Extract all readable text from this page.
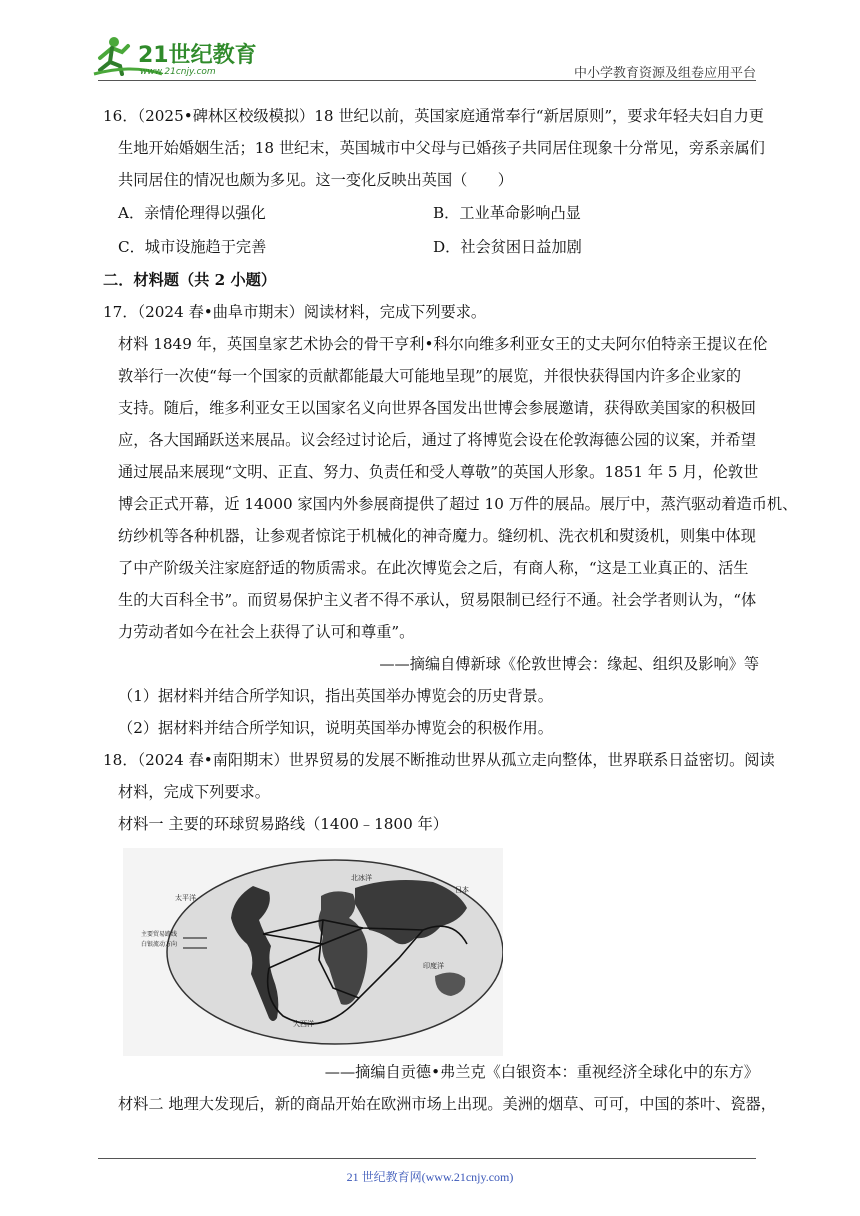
21世纪教育
www.21cnjy.com	中小学教育资源及组卷应用平台
16．（2025•碑林区校级模拟）18 世纪以前，英国家庭通常奉行“新居原则”，要求年轻夫妇自力更
生地开始婚姻生活；18 世纪末，英国城市中父母与已婚孩子共同居住现象十分常见，旁系亲属们
共同居住的情况也颇为多见。这一变化反映出英国（　　）
A．亲情伦理得以强化	B．工业革命影响凸显
C．城市设施趋于完善	D．社会贫困日益加剧
二．材料题（共 2 小题）
17．（2024 春•曲阜市期末）阅读材料，完成下列要求。
材料 1849 年，英国皇家艺术协会的骨干亨利•科尔向维多利亚女王的丈夫阿尔伯特亲王提议在伦
敦举行一次使“每一个国家的贡献都能最大可能地呈现”的展览，并很快获得国内许多企业家的
支持。随后，维多利亚女王以国家名义向世界各国发出世博会参展邀请，获得欧美国家的积极回
应，各大国踊跃送来展品。议会经过讨论后，通过了将博览会设在伦敦海德公园的议案，并希望
通过展品来展现“文明、正直、努力、负责任和受人尊敬”的英国人形象。1851 年 5 月，伦敦世
博会正式开幕，近 14000 家国内外参展商提供了超过 10 万件的展品。展厅中，蒸汽驱动着造币机、
纺纱机等各种机器，让参观者惊诧于机械化的神奇魔力。缝纫机、洗衣机和熨烫机，则集中体现
了中产阶级关注家庭舒适的物质需求。在此次博览会之后，有商人称，“这是工业真正的、活生
生的大百科全书”。而贸易保护主义者不得不承认，贸易限制已经行不通。社会学者则认为，“体
力劳动者如今在社会上获得了认可和尊重”。
——摘编自傅新球《伦敦世博会：缘起、组织及影响》等
（1）据材料并结合所学知识，指出英国举办博览会的历史背景。
（2）据材料并结合所学知识，说明英国举办博览会的积极作用。
18．（2024 春•南阳期末）世界贸易的发展不断推动世界从孤立走向整体，世界联系日益密切。阅读
材料，完成下列要求。
材料一 主要的环球贸易路线（1400﹣1800 年）
太平洋
北冰洋
日本
印度洋
大西洋
主要贸易路线
白银流动方向
——摘编自贡德•弗兰克《白银资本：重视经济全球化中的东方》
材料二 地理大发现后，新的商品开始在欧洲市场上出现。美洲的烟草、可可，中国的茶叶、瓷器，
21 世纪教育网(www.21cnjy.com)
